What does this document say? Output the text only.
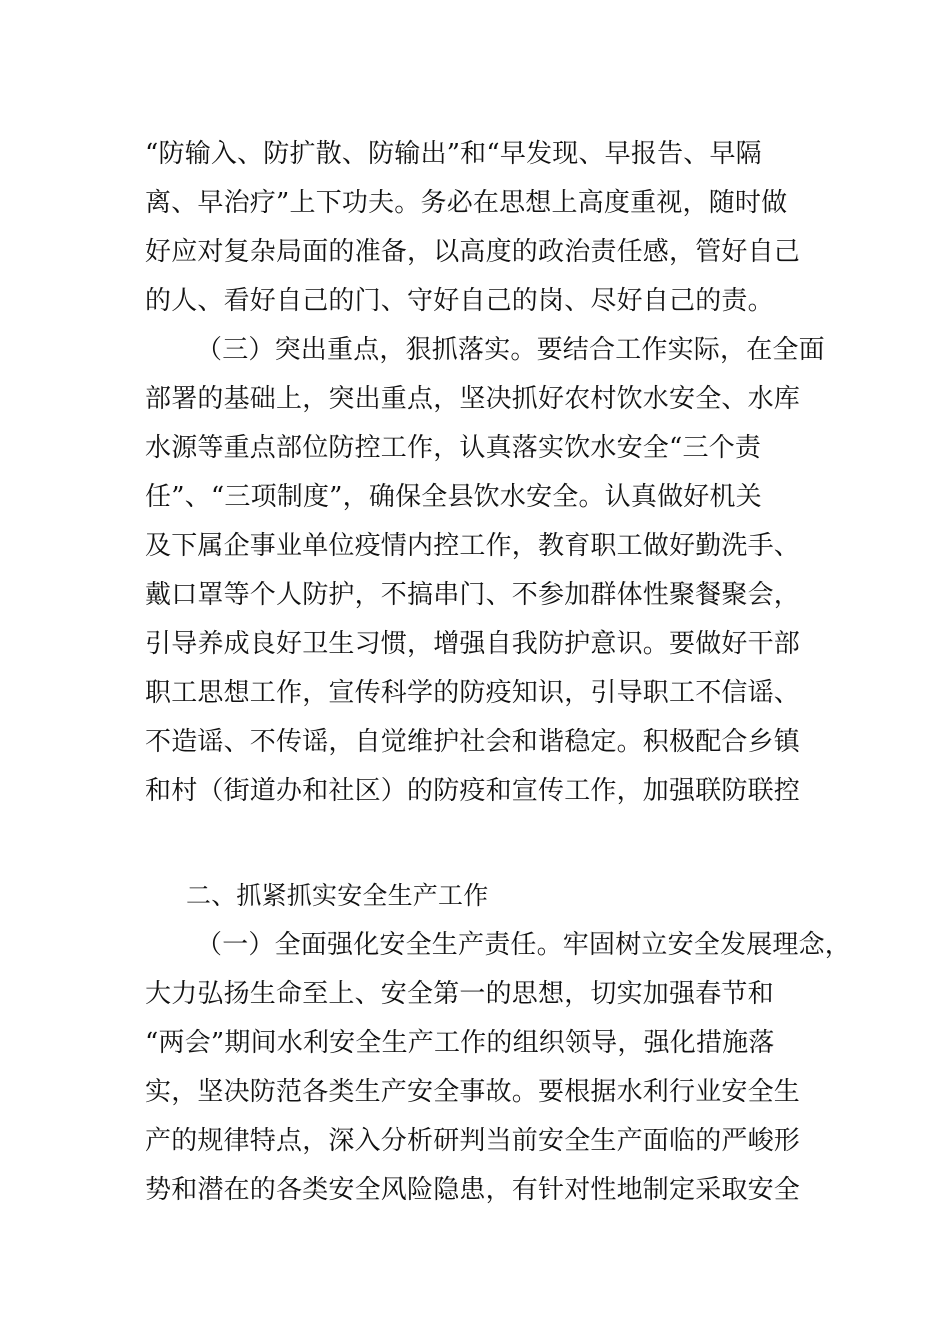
“防输入、防扩散、防输出”和“早发现、早报告、早隔
离、早治疗”上下功夫。务必在思想上高度重视，随时做
好应对复杂局面的准备，以高度的政治责任感，管好自己
的人、看好自己的门、守好自己的岗、尽好自己的责。
（三）突出重点，狠抓落实。要结合工作实际，在全面
部署的基础上，突出重点，坚决抓好农村饮水安全、水库
水源等重点部位防控工作，认真落实饮水安全“三个责
任”、“三项制度”，确保全县饮水安全。认真做好机关
及下属企事业单位疫情内控工作，教育职工做好勤洗手、
戴口罩等个人防护，不搞串门、不参加群体性聚餐聚会，
引导养成良好卫生习惯，增强自我防护意识。要做好干部
职工思想工作，宣传科学的防疫知识，引导职工不信谣、
不造谣、不传谣，自觉维护社会和谐稳定。积极配合乡镇
和村（街道办和社区）的防疫和宣传工作，加强联防联控
二、抓紧抓实安全生产工作
（一）全面强化安全生产责任。牢固树立安全发展理念，
大力弘扬生命至上、安全第一的思想，切实加强春节和
“两会”期间水利安全生产工作的组织领导，强化措施落
实，坚决防范各类生产安全事故。要根据水利行业安全生
产的规律特点，深入分析研判当前安全生产面临的严峻形
势和潜在的各类安全风险隐患，有针对性地制定采取安全
